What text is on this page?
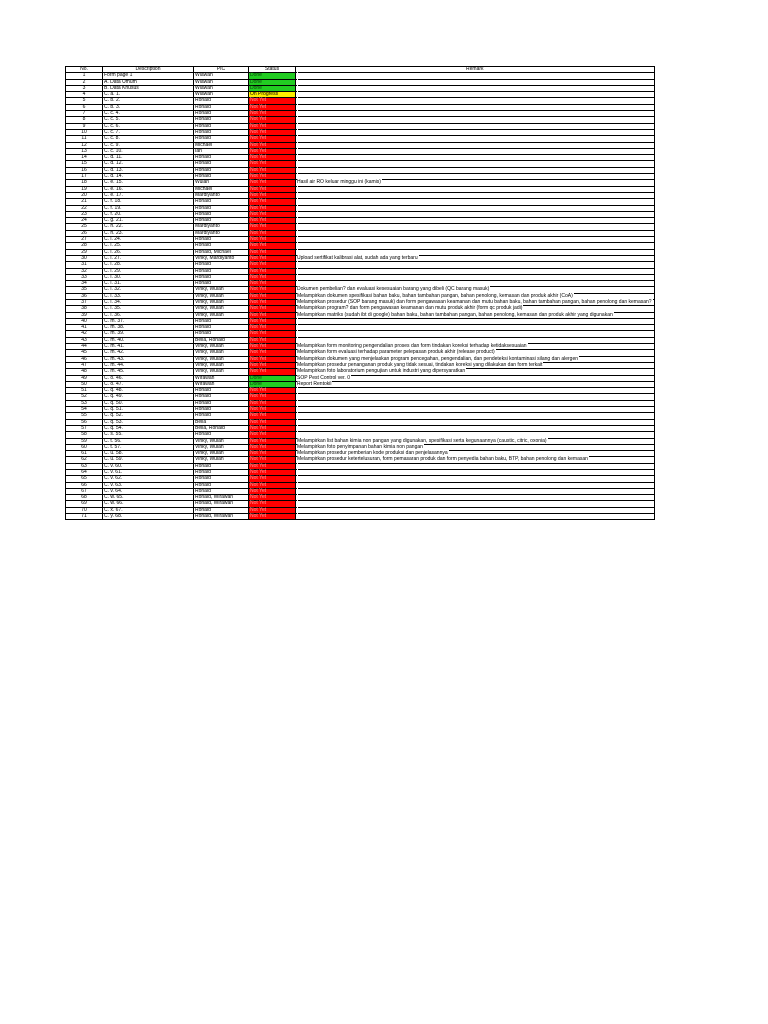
No.	Description	PIC	Status	Remark
1	Form page 1	Wiawan	Done	
2	A. Data Umum	Wiawan	Done	
3	B. Data Khusus	Wiawan	Done	
4	C. a. 1.	Wiawan	On Progress	
5	C. b. 2.	Ronald	Not Yet	
6	C. b. 3.	Ronald	Not Yet	
7	C. c. 4.	Ronald	Not Yet	
8	C. c. 5.	Ronald	Not Yet	
9	C. c. 6.	Ronald	Not Yet	
10	C. c. 7.	Ronald	Not Yet	
11	C. c. 8.	Ronald	Not Yet	
12	C. c. 9.	Michael	Not Yet	
13	C. c. 10.	Ian	Not Yet	
14	C. d. 11.	Ronald	Not Yet	
15	C. d. 12.	Ronald	Not Yet	
16	C. d. 13.	Ronald	Not Yet	
17	C. d. 14.	Ronald	Not Yet	
18	C. e. 15.	Wulan	Not Yet	Hasil air RO keluar minggu ini (kamis)
19	C. e. 16.	Michael	Not Yet	
20	C. e. 17.	Mardiyanto	Not Yet	
21	C. f. 18.	Ronald	Not Yet	
22	C. f. 19.	Ronald	Not Yet	
23	C. f. 20.	Ronald	Not Yet	
24	C. g. 21.	Ronald	Not Yet	
25	C. h. 22.	Mardiyanto	Not Yet	
26	C. h. 23.	Mardiyanto	Not Yet	
27	C. i. 24.	Ronald	Not Yet	
28	C. i. 25.	Ronald	Not Yet	
29	C. i. 26.	Ronald, Michael	Not Yet	
30	C. i. 27.	Vinky, Mardiyanto	Not Yet	Upload sertifikat kalibrasi alat, sudah ada yang terbaru
31	C. i. 28.	Ronald	Not Yet	
32	C. i. 29.	Ronald	Not Yet	
33	C. i. 30.	Ronald	Not Yet	
34	C. i. 31.	Ronald	Not Yet	
35	C. i. 32.	Vinky, Wulan	Not Yet	Dokumen pembelian? dan evaluasi kesesuaian barang yang dibeli (QC barang masuk)
36	C. l. 33.	Vinky, Wulan	Not Yet	Melampirkan dokumen spesifikasi bahan baku, bahan tambahan pangan, bahan penolong, kemasan dan produk akhir (CoA)
37	C. l. 34.	Vinky, Wulan	Not Yet	Melampirkan prosedur (SOP barang masuk) dan form pengawasan keamanan dan mutu bahan baku, bahan tambahan pangan, bahan penolong dan kemasan?
38	C. l. 35.	Vinky, Wulan	Not Yet	Melampirkan program? dan form pengawasan keamanan dan mutu produk akhir (form qc produk jadi)
39	C. l. 36.	Vinky, Wulan	Not Yet	Melampirkan matriks (sudah ibt di google) bahan baku, bahan tambahan pangan, bahan penolong, kemasan dan produk akhir yang digunakan
40	C. m. 37.	Ronald	Not Yet	
41	C. m. 38.	Ronald	Not Yet	
42	C. m. 39.	Ronald	Not Yet	
43	C. m. 40.	Bella, Ronald	Not Yet	
44	C. m. 41.	Vinky, Wulan	Not Yet	Melampirkan form monitoring pengendalian proses dan form tindakan koreksi terhadap ketidaksesuaian
45	C. m. 42.	Vinky, Wulan	Not Yet	Melampirkan form evaluasi terhadap parameter pelepasan produk akhir (release product)
46	C. m. 43.	Vinky, Wulan	Not Yet	Melampirkan dokumen yang menjelaskan program pencegahan, pengendalian, dan pendeteksi kontaminasi silang dan alergen
47	C. m. 44.	Vinky, Wulan	Not Yet	Melampirkan prosedur penanganan produk yang tidak sesuai, tindakan koreksi yang dilakukan dan form terkait
48	C. m. 45.	Vinky, Wulan	Not Yet	Melampirkan foto laboratorium pengujian untuk industri yang dipersyaratkan
49	C. o. 46.	Wirawan	Done	SOP Pest Control ver. 0
50	C. o. 47.	Wirawan	Done	Report Rentokil
51	C. q. 48.	Ronald	Not Yet	
52	C. q. 49.	Ronald	Not Yet	
53	C. q. 50.	Ronald	Not Yet	
54	C. q. 51.	Ronald	Not Yet	
55	C. q. 52.	Ronald	Not Yet	
56	C. q. 53.	Bella	Not Yet	
57	C. q. 54.	Bella, Ronald	Not Yet	
58	C. s. 55.	Ronald	Not Yet	
59	C. t. 56.	Vinky, Wulan	Not Yet	Melampirkan list bahan kimia non pangan yang digunakan, spesifikasi serta kegunaannya (caustic, citric, oxonia)
60	C. t. 57.	Vinky, Wulan	Not Yet	Melampirkan foto penyimpanan bahan kimia non pangan
61	C. u. 58.	Vinky, Wulan	Not Yet	Melampirkan prosedur pemberian kode produksi dan penjelasannya
62	C. u. 59.	Vinky, Wulan	Not Yet	Melampirkan prosedur ketertelusuran, form pemasaran produk dan form penyedia bahan baku, BTP, bahan penolong dan kemasan
63	C. v. 60.	Ronald	Not Yet	
64	C. v. 61.	Ronald	Not Yet	
65	C. v. 62.	Ronald	Not Yet	
66	C. v. 63.	Ronald	Not Yet	
67	C. v. 64.	Ronald	Not Yet	
68	C. w. 65.	Ronald, Wirawan	Not Yet	
69	C. w. 66.	Ronald, Wirawan	Not Yet	
70	C. x. 67.	Ronald	Not Yet	
71	C. y. 68.	Ronald, Wirawan	Not Yet	
